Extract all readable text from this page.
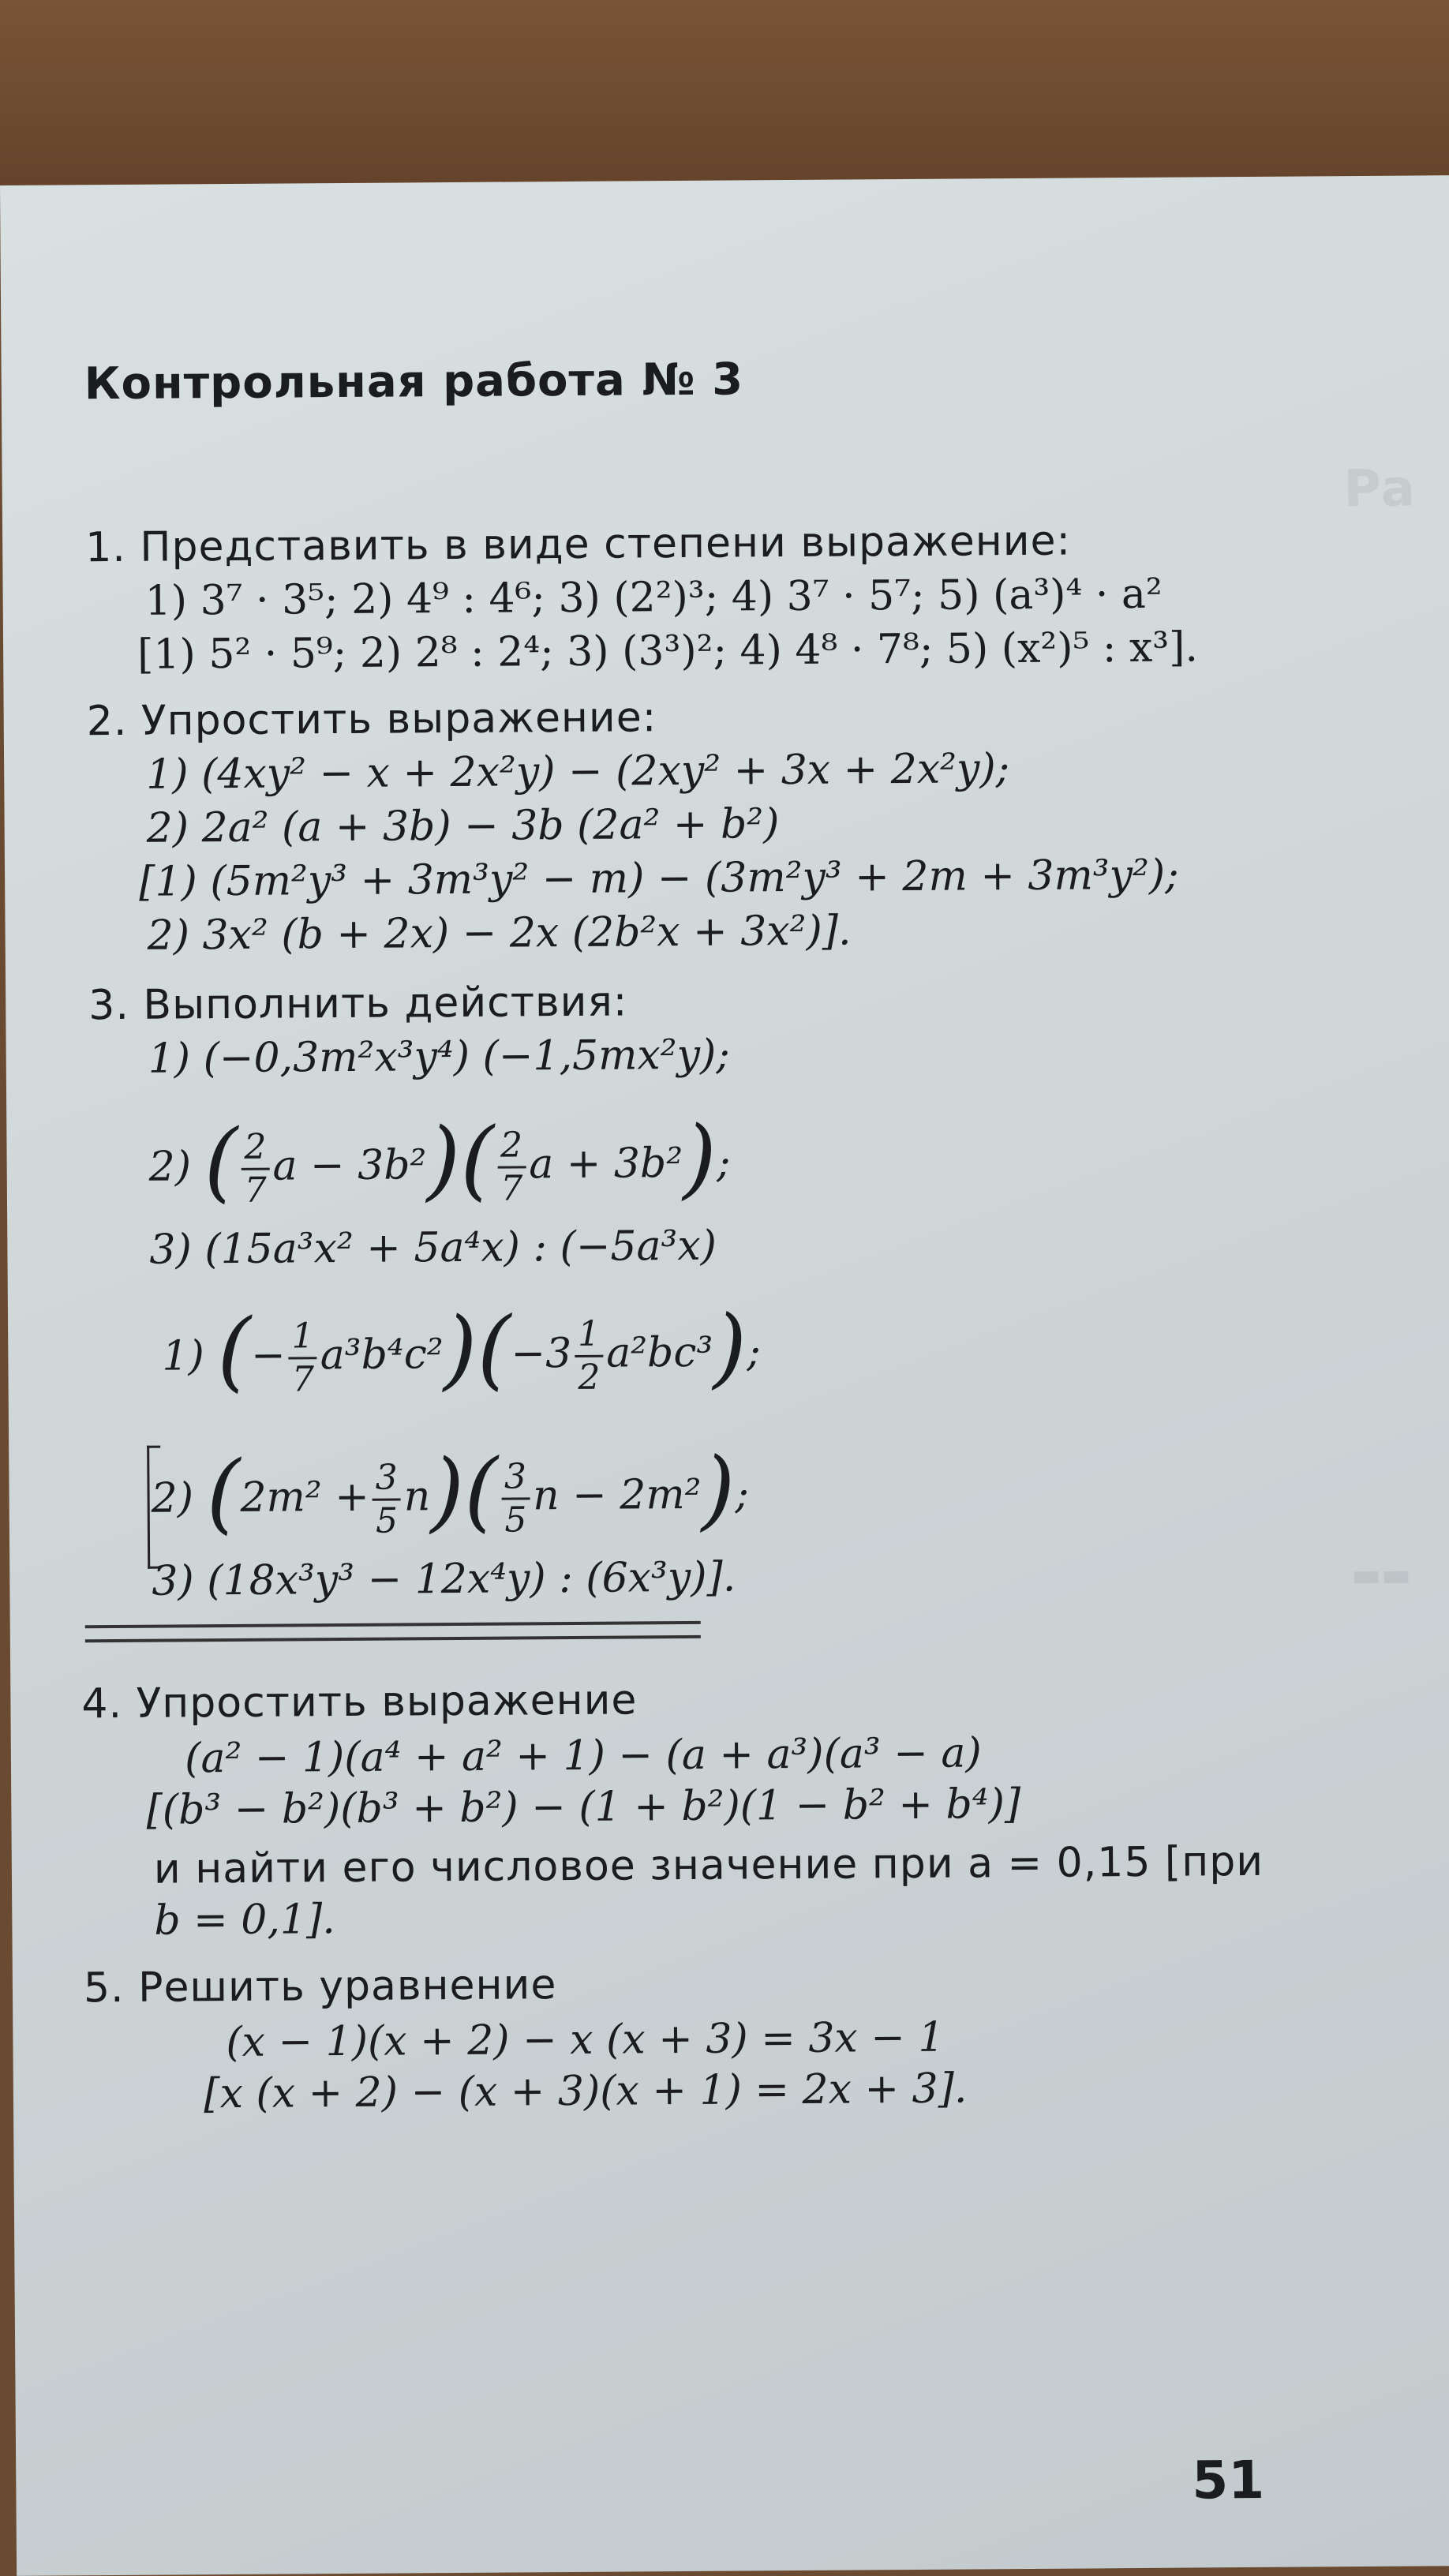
Ра
▬▬
Контрольная работа № 3
1. Представить в виде степени выражение:
1) 3⁷ · 3⁵; 2) 4⁹ : 4⁶; 3) (2²)³; 4) 3⁷ · 5⁷; 5) (a³)⁴ · a²
[1) 5² · 5⁹; 2) 2⁸ : 2⁴; 3) (3³)²; 4) 4⁸ · 7⁸; 5) (x²)⁵ : x³].
2. Упростить выражение:
1) (4xy² − x + 2x²y) − (2xy² + 3x + 2x²y);
2) 2a² (a + 3b) − 3b (2a² + b²)
[1) (5m²y³ + 3m³y² − m) − (3m²y³ + 2m + 3m³y²);
2) 3x² (b + 2x) − 2x (2b²x + 3x²)].
3. Выполнить действия:
1) (−0,3m²x³y⁴) (−1,5mx²y);
2) ( $\frac{2}{7}$ $a - 3b^2)( \frac{2}{7}$ a + 3b²);
3) (15a³x² + 5a⁴x) : (−5a³x)
1) (− $\frac{1}{7} a^3b^4c^2)(-3 \frac{1}{2} a^2bc^3)$;
2) $(2m^2 + \frac{3}{5} n)( \frac{3}{5}$ n − 2m²);
3) (18x³y³ − 12x⁴y) : (6x³y)].
4. Упростить выражение
(a² − 1)(a⁴ + a² + 1) − (a + a³)(a³ − a)
[(b³ − b²)(b³ + b²) − (1 + b²)(1 − b² + b⁴)]
и найти его числовое значение при a = 0,15 [при
b = 0,1].
5. Решить уравнение
(x − 1)(x + 2) − x (x + 3) = 3x − 1
[x (x + 2) − (x + 3)(x + 1) = 2x + 3].
51
